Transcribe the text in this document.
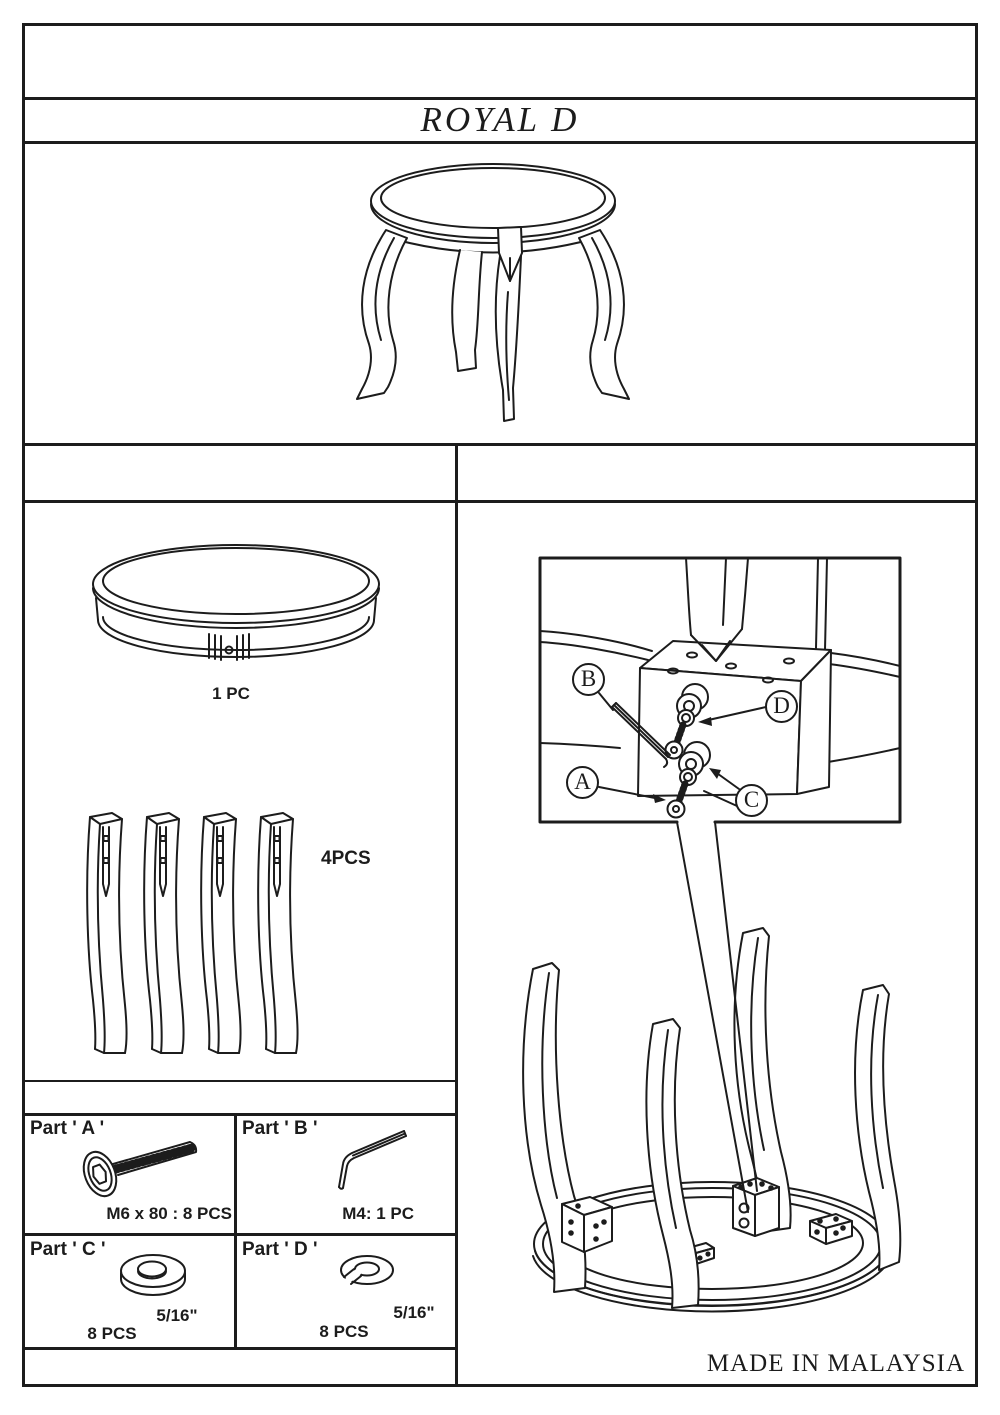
ROYAL D
1 PC
4PCS
Part ' A '
M6 x 80 : 8 PCS
Part ' B '
M4: 1 PC
Part ' C '
5/16"
8 PCS
Part ' D '
5/16"
8 PCS
B
A
D
C
MADE IN MALAYSIA
